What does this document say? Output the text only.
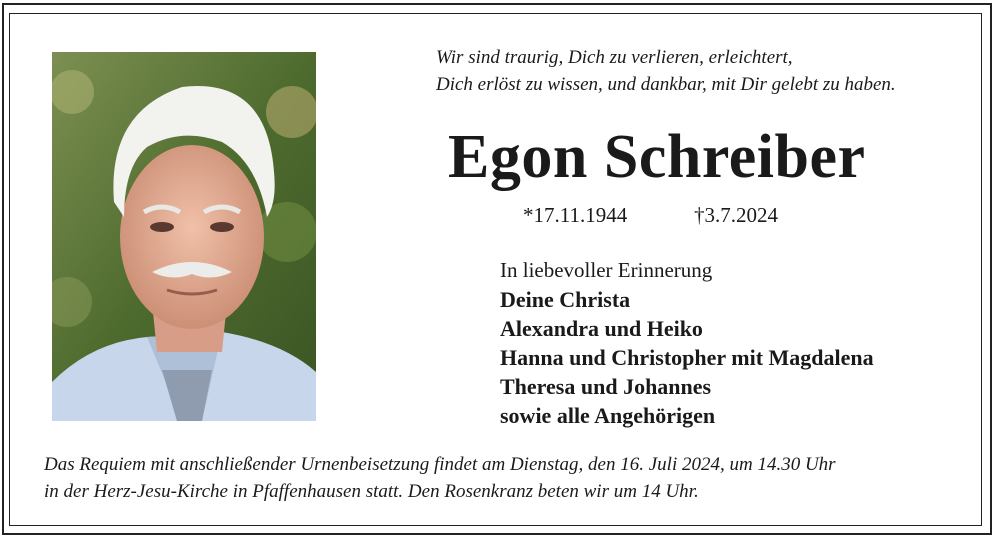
Wir sind traurig, Dich zu verlieren, erleichtert,
Dich erlöst zu wissen, und dankbar, mit Dir gelebt zu haben.
Egon Schreiber
*17.11.1944	†3.7.2024
In liebevoller Erinnerung
Deine Christa
Alexandra und Heiko
Hanna und Christopher mit Magdalena
Theresa und Johannes
sowie alle Angehörigen
Das Requiem mit anschließender Urnenbeisetzung findet am Dienstag, den 16. Juli 2024, um 14.30 Uhr
in der Herz-Jesu-Kirche in Pfaffenhausen statt. Den Rosenkranz beten wir um 14 Uhr.
